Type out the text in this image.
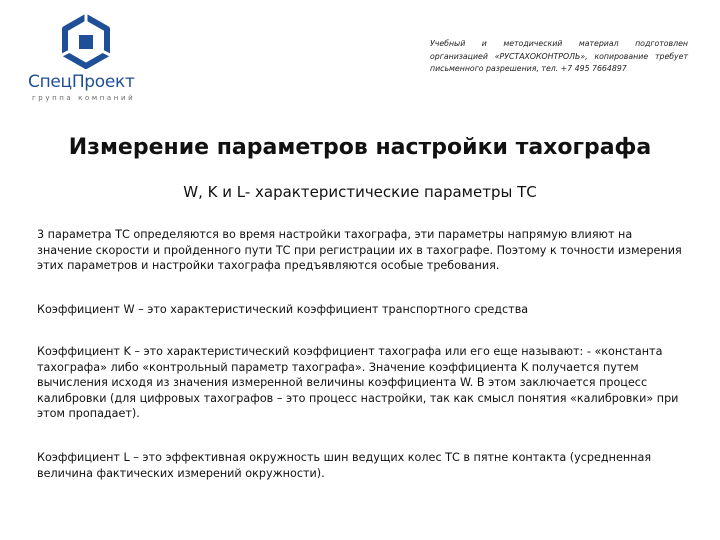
СпецПроект
группа компаний
Учебный и методический материал подготовлен организацией «РУСТАХОКОНТРОЛЬ», копирование требует письменного разрешения, тел. +7 495 7664897
Измерение параметров настройки тахографа
W, K и L- характеристические параметры ТС

3 параметра ТС определяются во время настройки тахографа, эти параметры напрямую влияют на значение скорости и пройденного пути ТС при регистрации их в тахографе. Поэтому к точности измерения этих параметров и настройки тахографа предъявляются особые требования.

Коэффициент W – это характеристический коэффициент транспортного средства

Коэффициент K – это характеристический коэффициент тахографа или его еще называют: - «константа тахографа» либо «контрольный параметр тахографа». Значение коэффициента K получается путем вычисления исходя из значения измеренной величины коэффициента W. В этом заключается процесс калибровки (для цифровых тахографов – это процесс настройки, так как смысл понятия «калибровки» при этом пропадает).

Коэффициент L – это эффективная окружность шин ведущих колес ТС в пятне контакта (усредненная величина фактических измерений окружности).
